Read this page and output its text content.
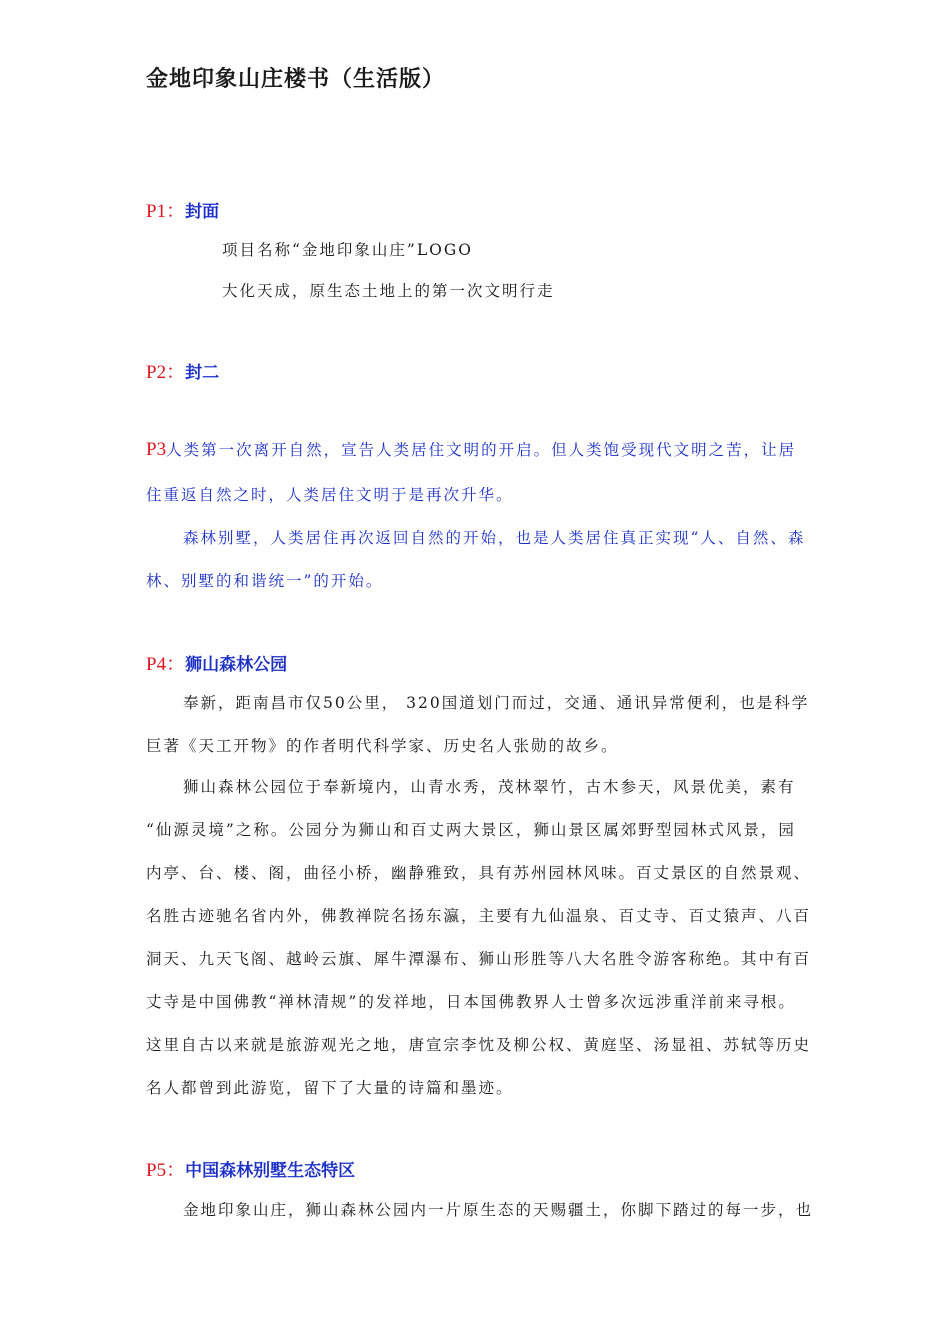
金地印象山庄楼书（生活版）
P1：封面
项目名称“金地印象山庄”LOGO
大化天成，原生态土地上的第一次文明行走
P2：封二
P3人类第一次离开自然，宣告人类居住文明的开启。但人类饱受现代文明之苦，让居
住重返自然之时，人类居住文明于是再次升华。
森林别墅，人类居住再次返回自然的开始，也是人类居住真正实现“人、自然、森
林、别墅的和谐统一”的开始。
P4：狮山森林公园
奉新，距南昌市仅50公里， 320国道划门而过，交通、通讯异常便利，也是科学
巨著《天工开物》的作者明代科学家、历史名人张勋的故乡。
狮山森林公园位于奉新境内，山青水秀，茂林翠竹，古木参天，风景优美，素有
“仙源灵境”之称。公园分为狮山和百丈两大景区，狮山景区属郊野型园林式风景，园
内亭、台、楼、阁，曲径小桥，幽静雅致，具有苏州园林风味。百丈景区的自然景观、
名胜古迹驰名省内外，佛教禅院名扬东瀛，主要有九仙温泉、百丈寺、百丈猿声、八百
洞天、九天飞阁、越岭云旗、犀牛潭瀑布、狮山形胜等八大名胜令游客称绝。其中有百
丈寺是中国佛教“禅林清规”的发祥地，日本国佛教界人士曾多次远涉重洋前来寻根。
这里自古以来就是旅游观光之地，唐宣宗李忱及柳公权、黄庭坚、汤显祖、苏轼等历史
名人都曾到此游览，留下了大量的诗篇和墨迹。
P5：中国森林别墅生态特区
金地印象山庄，狮山森林公园内一片原生态的天赐疆土，你脚下踏过的每一步，也
